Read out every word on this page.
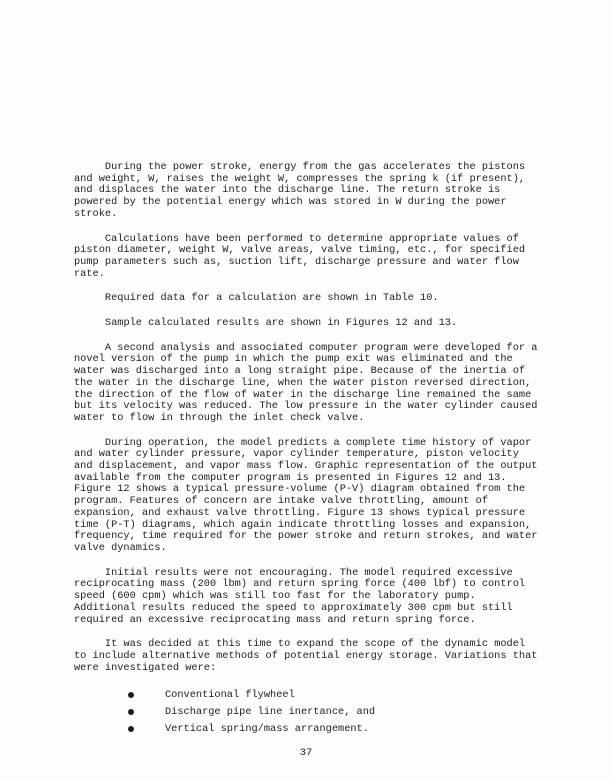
During the power stroke, energy from the gas accelerates the pistons and weight, W, raises the weight W, compresses the spring k (if present), and displaces the water into the discharge line. The return stroke is powered by the potential energy which was stored in W during the power stroke.

Calculations have been performed to determine appropriate values of piston diameter, weight W, valve areas, valve timing, etc., for specified pump parameters such as, suction lift, discharge pressure and water flow rate.

Required data for a calculation are shown in Table 10.

Sample calculated results are shown in Figures 12 and 13.

A second analysis and associated computer program were developed for a novel version of the pump in which the pump exit was eliminated and the water was discharged into a long straight pipe. Because of the inertia of the water in the discharge line, when the water piston reversed direction, the direction of the flow of water in the discharge line remained the same but its velocity was reduced. The low pressure in the water cylinder caused water to flow in through the inlet check valve.

During operation, the model predicts a complete time history of vapor and water cylinder pressure, vapor cylinder temperature, piston velocity and displacement, and vapor mass flow. Graphic representation of the output available from the computer program is presented in Figures 12 and 13. Figure 12 shows a typical pressure-volume (P-V) diagram obtained from the program. Features of concern are intake valve throttling, amount of expansion, and exhaust valve throttling. Figure 13 shows typical pressure time (P-T) diagrams, which again indicate throttling losses and expansion, frequency, time required for the power stroke and return strokes, and water valve dynamics.

Initial results were not encouraging. The model required excessive reciprocating mass (200 lbm) and return spring force (400 lbf) to control speed (600 cpm) which was still too fast for the laboratory pump. Additional results reduced the speed to approximately 300 cpm but still required an excessive reciprocating mass and return spring force.

It was decided at this time to expand the scope of the dynamic model to include alternative methods of potential energy storage. Variations that were investigated were:

Conventional flywheel
Discharge pipe line inertance, and
Vertical spring/mass arrangement.
37
